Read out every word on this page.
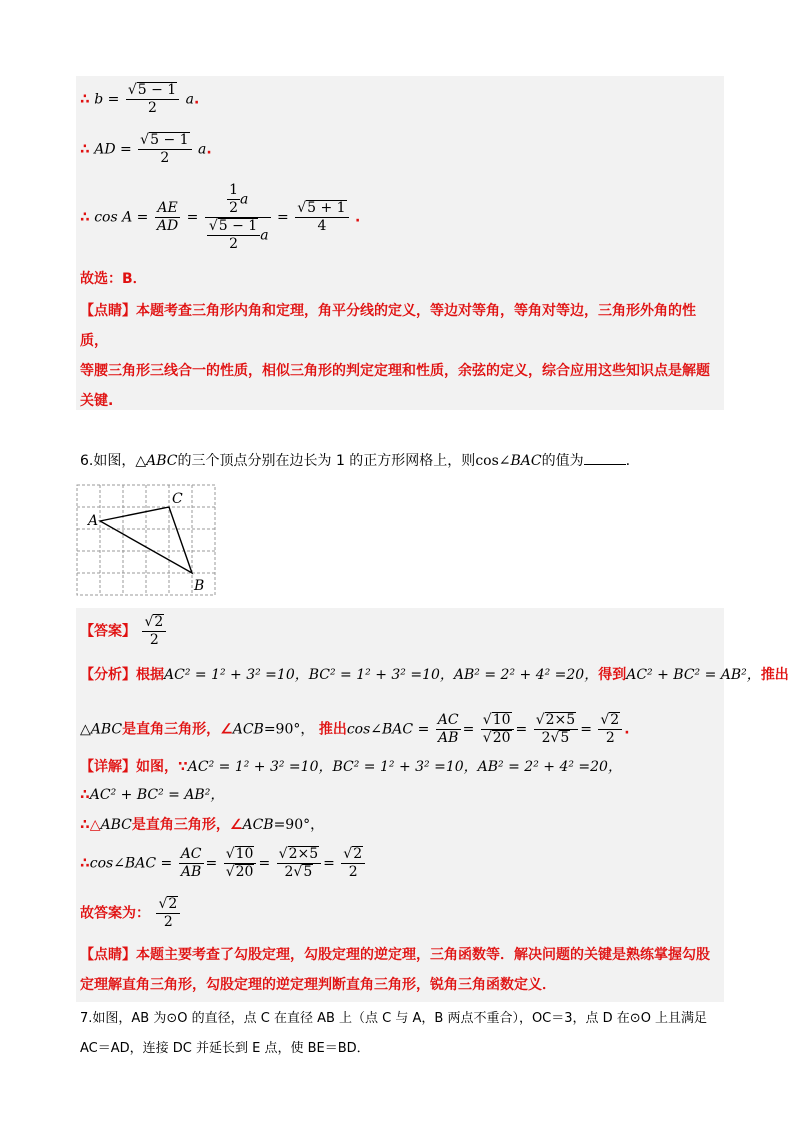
∴ $b = \frac{√5 - 1}{2} a$.
∴ AD = $\frac{√5 - 1}{2} a$.
∴ $\cos A = \frac{AE}{AD} = \frac{\frac{1}{2} a}{\frac{√5 - 1}{2} a} = \frac{√5 + 1}{4}$ .
故选：B．
【点睛】本题考查三角形内角和定理，角平分线的定义，等边对等角，等角对等边，三角形外角的性质，
等腰三角形三线合一的性质，相似三角形的判定定理和性质，余弦的定义，综合应用这些知识点是解题
关键.
6.如图，△ABC的三个顶点分别在边长为 1 的正方形网格上，则cos∠BAC的值为	.
A
C
B
【答案】 $\frac{√2}{2}$
【分析】根据AC² = 1² + 3² =10，BC² = 1² + 3² =10，AB² = 2² + 4² =20，得到AC² + BC² = AB²，推出
△ABC是直角三角形，∠ACB=90°， 推出cos∠BAC = $\frac{AC}{AB} = \frac{√10}{√20} = \frac{√2\times 5}{2√5} = \frac{√2}{2}$ .
【详解】如图，∵AC² = 1² + 3² =10，BC² = 1² + 3² =10，AB² = 2² + 4² =20，
∴AC² + BC² = AB²，
∴△ABC是直角三角形，∠ACB=90°，
∴cos∠BAC = $\frac{AC}{AB} = \frac{√10}{√20} = \frac{√2\times 5}{2√5} = \frac{√2}{2}$
故答案为： $\frac{√2}{2}$
【点睛】本题主要考查了勾股定理，勾股定理的逆定理，三角函数等．解决问题的关键是熟练掌握勾股
定理解直角三角形，勾股定理的逆定理判断直角三角形，锐角三角函数定义．
7.如图，AB 为⊙O 的直径，点 C 在直径 AB 上（点 C 与 A，B 两点不重合），OC＝3，点 D 在⊙O 上且满足
AC＝AD，连接 DC 并延长到 E 点，使 BE＝BD．
